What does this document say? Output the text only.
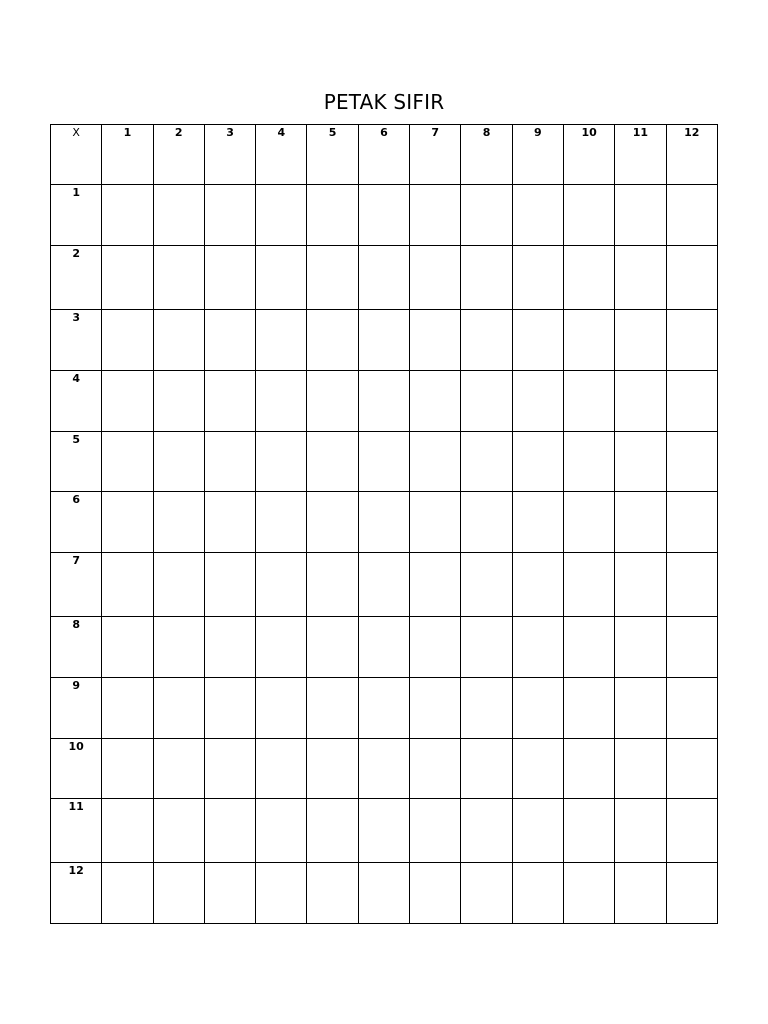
PETAK SIFIR
X	1	2	3	4	5	6	7	8	9	10	11	12

1												

2												

3												

4												

5												

6												

7												

8												

9												

10												

11												

12												
